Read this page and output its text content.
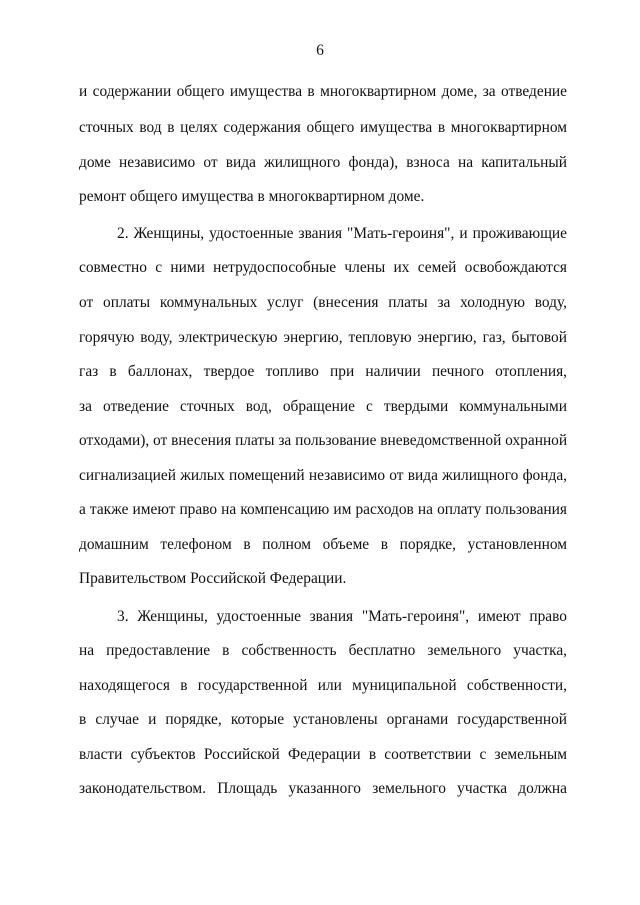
6
и содержании общего имущества в многоквартирном доме, за отведение
сточных вод в целях содержания общего имущества в многоквартирном
доме независимо от вида жилищного фонда), взноса на капитальный
ремонт общего имущества в многоквартирном доме.
2. Женщины, удостоенные звания "Мать-героиня", и проживающие
совместно с ними нетрудоспособные члены их семей освобождаются
от оплаты коммунальных услуг (внесения платы за холодную воду,
горячую воду, электрическую энергию, тепловую энергию, газ, бытовой
газ в баллонах, твердое топливо при наличии печного отопления,
за отведение сточных вод, обращение с твердыми коммунальными
отходами), от внесения платы за пользование вневедомственной охранной
сигнализацией жилых помещений независимо от вида жилищного фонда,
а также имеют право на компенсацию им расходов на оплату пользования
домашним телефоном в полном объеме в порядке, установленном
Правительством Российской Федерации.
3. Женщины, удостоенные звания "Мать-героиня", имеют право
на предоставление в собственность бесплатно земельного участка,
находящегося в государственной или муниципальной собственности,
в случае и порядке, которые установлены органами государственной
власти субъектов Российской Федерации в соответствии с земельным
законодательством. Площадь указанного земельного участка должна
